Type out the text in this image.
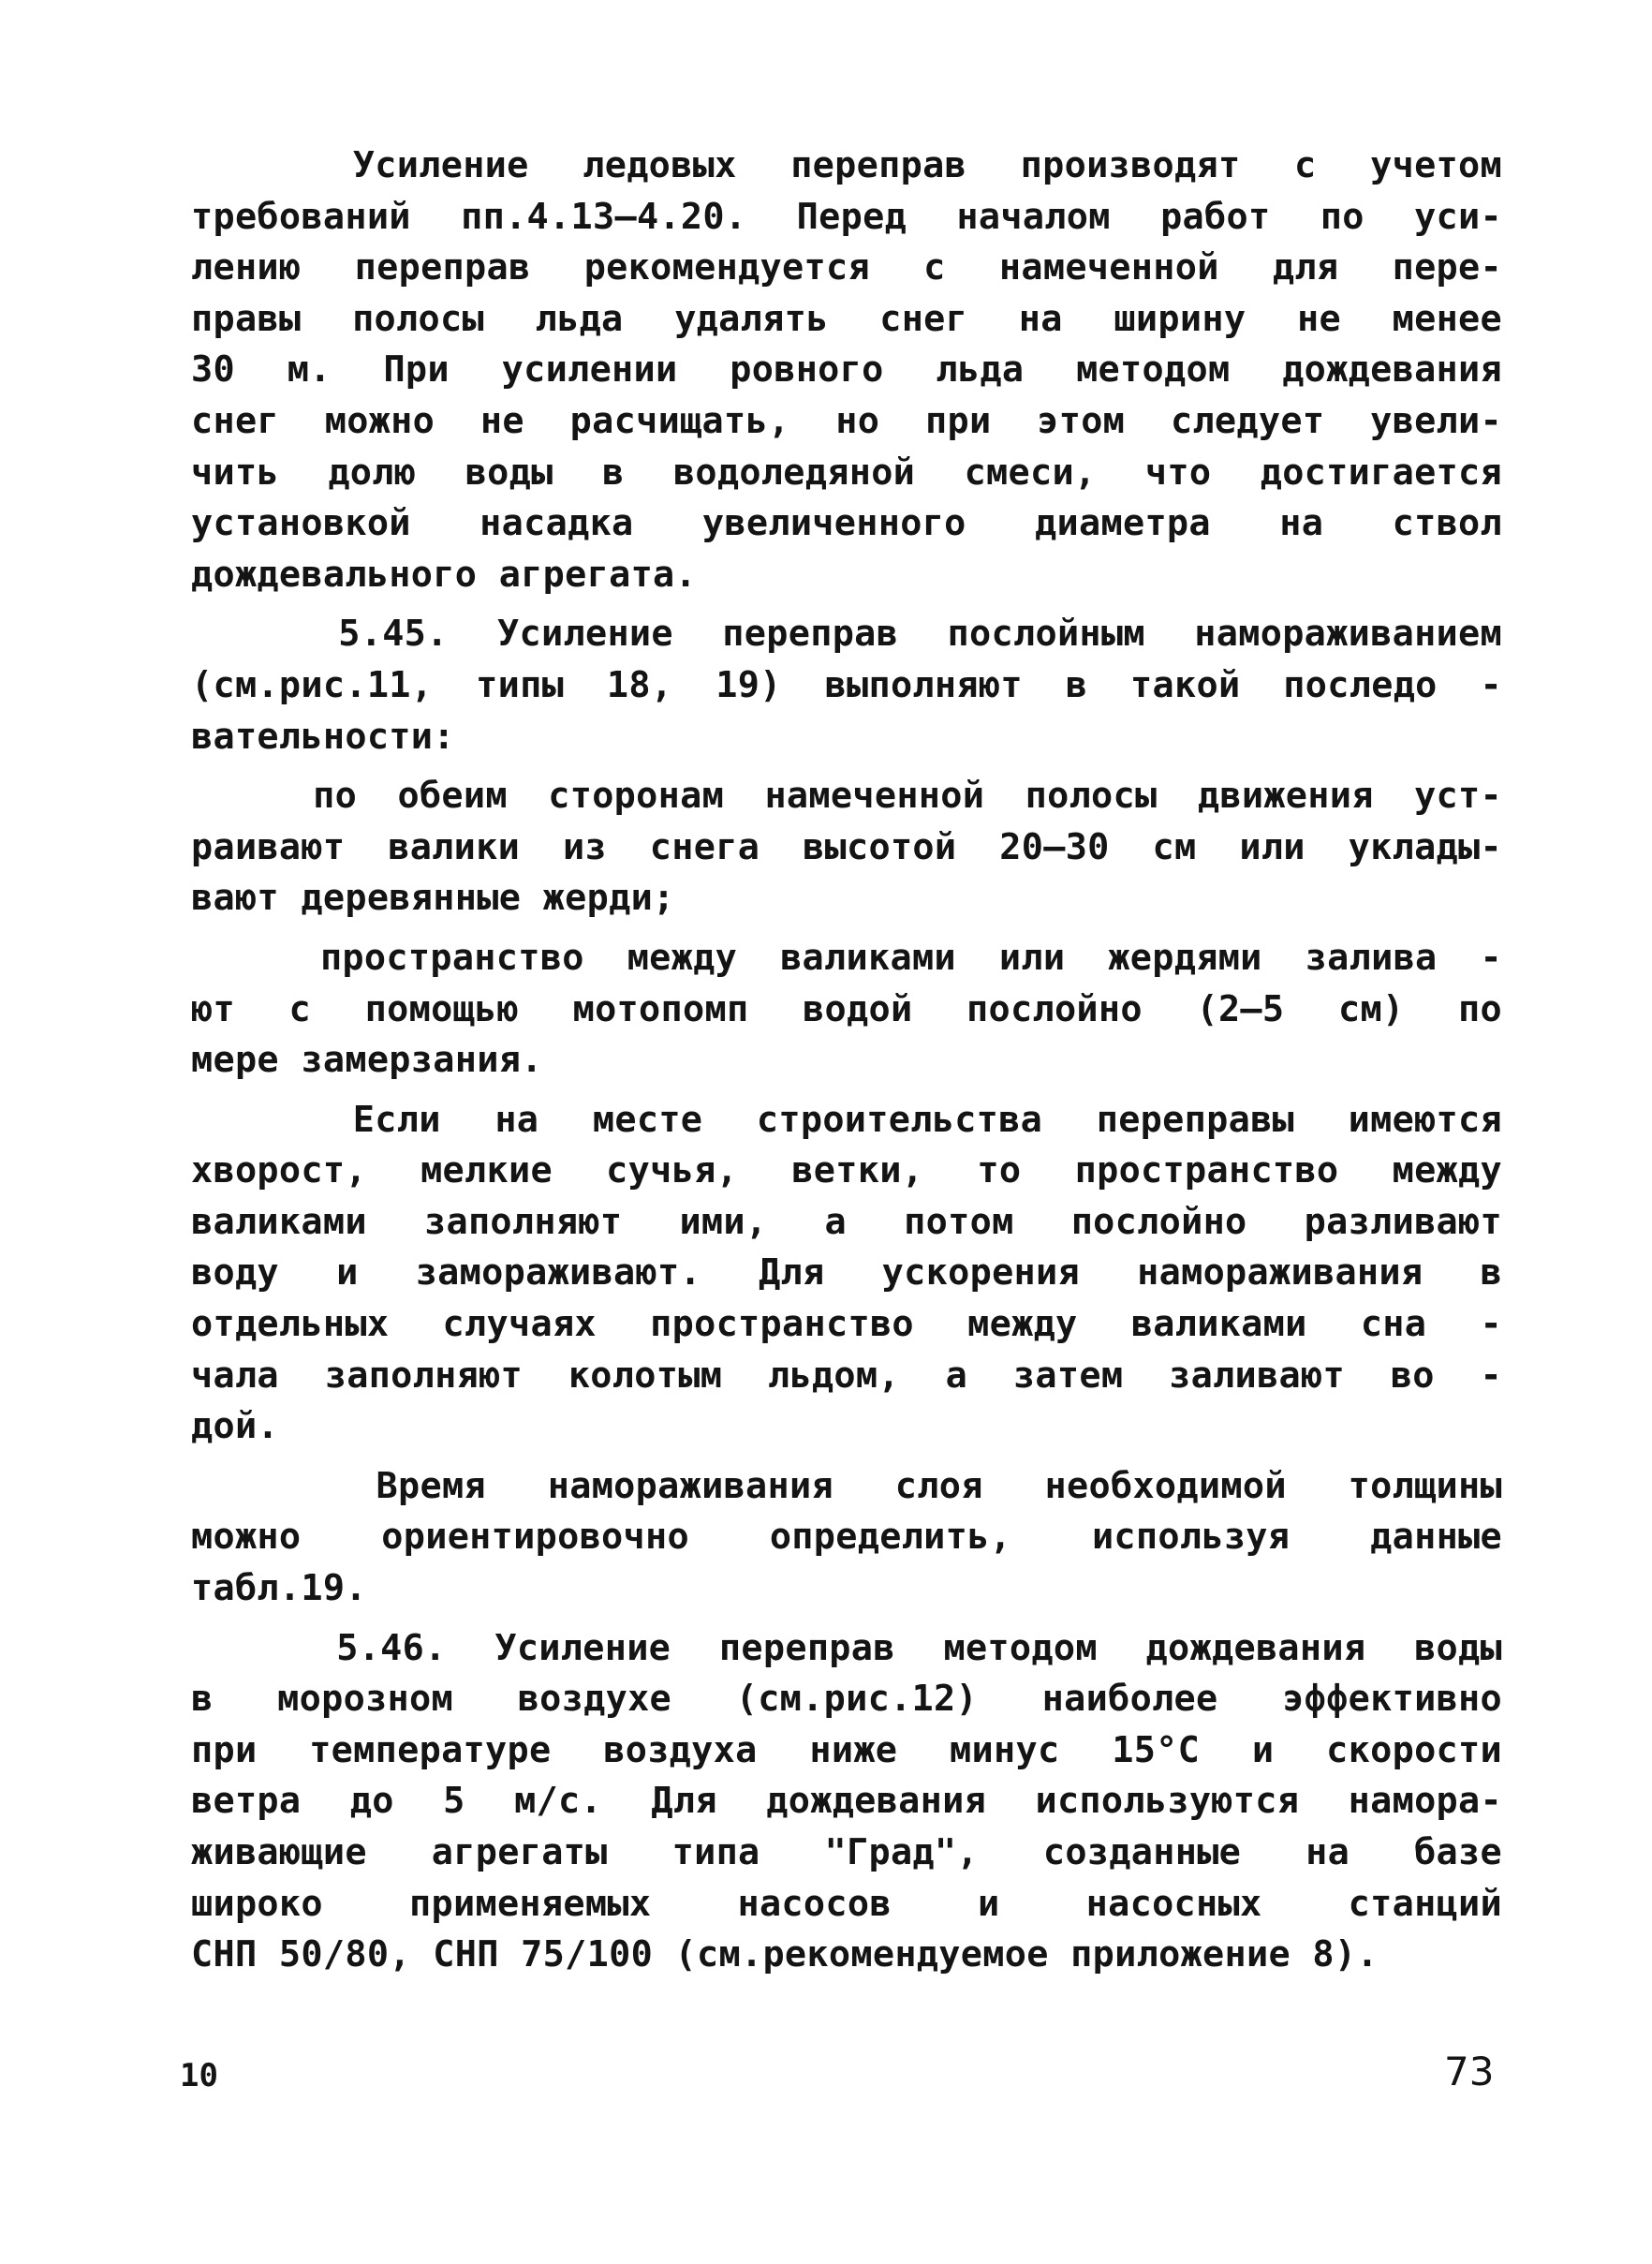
Усиление ледовых переправ производят с учетом
требований пп.4.13–4.20. Перед началом работ по уси-
лению переправ рекомендуется с намеченной для пере-
правы полосы льда удалять снег на ширину не менее
30 м. При усилении ровного льда методом дождевания
снег можно не расчищать, но при этом следует увели-
чить долю воды в водоледяной смеси, что достигается
установкой насадка увеличенного диаметра на ствол
дождевального агрегата.
5.45. Усиление переправ послойным намораживанием
(см.рис.11, типы 18, 19) выполняют в такой последо -
вательности:
по обеим сторонам намеченной полосы движения уст-
раивают валики из снега высотой 20–30 см или уклады-
вают деревянные жерди;
пространство между валиками или жердями залива -
ют с помощью мотопомп водой послойно (2–5 см) по
мере замерзания.
Если на месте строительства переправы имеются
хворост, мелкие сучья, ветки, то пространство между
валиками заполняют ими, а потом послойно разливают
воду и замораживают. Для ускорения намораживания в
отдельных случаях пространство между валиками сна -
чала заполняют колотым льдом, а затем заливают во -
дой.
Время намораживания слоя необходимой толщины
можно ориентировочно определить, используя данные
табл.19.
5.46. Усиление переправ методом дождевания воды
в морозном воздухе (см.рис.12) наиболее эффективно
при температуре воздуха ниже минус 15°С и скорости
ветра до 5 м/с. Для дождевания используются намора-
живающие агрегаты типа "Град", созданные на базе
широко применяемых насосов и насосных станций
СНП 50/80, СНП 75/100 (см.рекомендуемое приложение 8).
10	73
